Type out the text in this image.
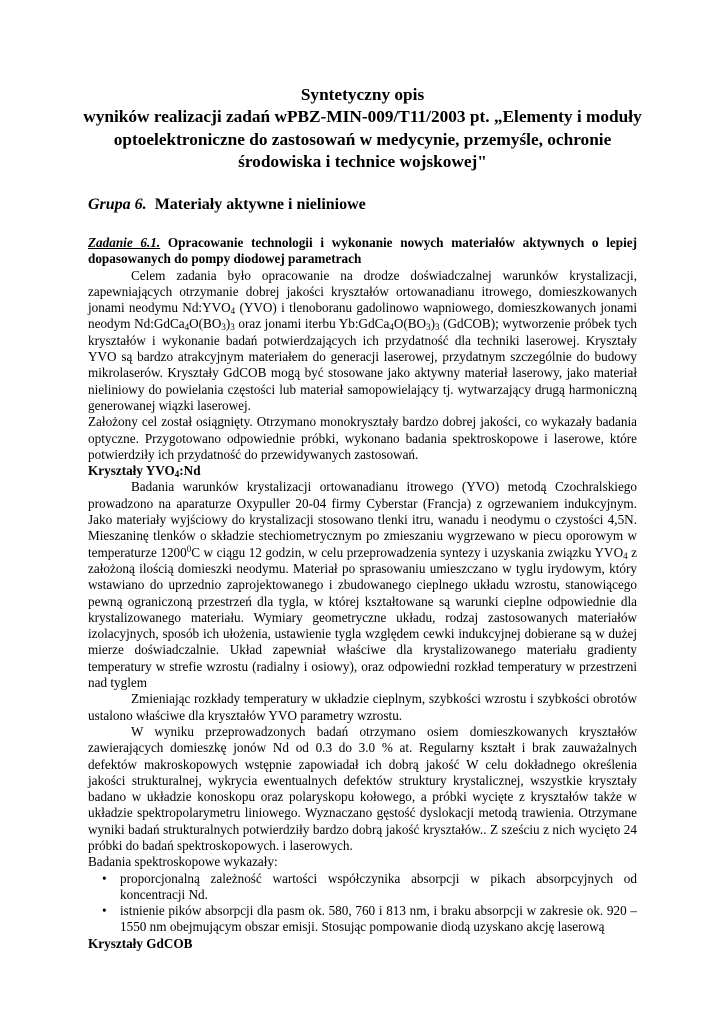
Syntetyczny opis
wyników realizacji zadań wPBZ-MIN-009/T11/2003 pt. „Elementy i moduły
optoelektroniczne do zastosowań w medycynie, przemyśle, ochronie
środowiska i technice wojskowej"
Grupa 6. Materiały aktywne i nieliniowe

Zadanie 6.1. Opracowanie technologii i wykonanie nowych materiałów aktywnych o lepiej dopasowanych do pompy diodowej parametrach

Celem zadania było opracowanie na drodze doświadczalnej warunków krystalizacji, zapewniających otrzymanie dobrej jakości kryształów ortowanadianu itrowego, domieszkowanych jonami neodymu $Nd:YVO_4$ (YVO) i tlenoboranu gadolinowo wapniowego, domieszkowanych jonami neodym $Nd:GdCa_4O(BO_3)_3$ oraz jonami iterbu $Yb:GdCa_4O(BO_3)_3$ (GdCOB); wytworzenie próbek tych kryształów i wykonanie badań potwierdzających ich przydatność dla techniki laserowej. Kryształy YVO są bardzo atrakcyjnym materiałem do generacji laserowej, przydatnym szczególnie do budowy mikrolaserów. Kryształy GdCOB mogą być stosowane jako aktywny materiał laserowy, jako materiał nieliniowy do powielania częstości lub materiał samopowielający tj. wytwarzający drugą harmoniczną generowanej wiązki laserowej.

Założony cel został osiągnięty. Otrzymano monokryształy bardzo dobrej jakości, co wykazały badania optyczne. Przygotowano odpowiednie próbki, wykonano badania spektroskopowe i laserowe, które potwierdziły ich przydatność do przewidywanych zastosowań.

Kryształy $YVO_4:Nd$

Badania warunków krystalizacji ortowanadianu itrowego (YVO) metodą Czochralskiego prowadzono na aparaturze Oxypuller 20-04 firmy Cyberstar (Francja) z ogrzewaniem indukcyjnym. Jako materiały wyjściowy do krystalizacji stosowano tlenki itru, wanadu i neodymu o czystości 4,5N. Mieszaninę tlenków o składzie stechiometrycznym po zmieszaniu wygrzewano w piecu oporowym w temperaturze 1200$^0$C w ciągu 12 godzin, w celu przeprowadzenia syntezy i uzyskania związku $YVO_4$ z założoną ilością domieszki neodymu. Materiał po sprasowaniu umieszczano w tyglu irydowym, który wstawiano do uprzednio zaprojektowanego i zbudowanego cieplnego układu wzrostu, stanowiącego pewną ograniczoną przestrzeń dla tygla, w której kształtowane są warunki cieplne odpowiednie dla krystalizowanego materiału. Wymiary geometryczne układu, rodzaj zastosowanych materiałów izolacyjnych, sposób ich ułożenia, ustawienie tygla względem cewki indukcyjnej dobierane są w dużej mierze doświadczalnie. Układ zapewniał właściwe dla krystalizowanego materiału gradienty temperatury w strefie wzrostu (radialny i osiowy), oraz odpowiedni rozkład temperatury w przestrzeni nad tyglem

Zmieniając rozkłady temperatury w układzie cieplnym, szybkości wzrostu i szybkości obrotów ustalono właściwe dla kryształów YVO parametry wzrostu.

W wyniku przeprowadzonych badań otrzymano osiem domieszkowanych kryształów zawierających domieszkę jonów Nd od 0.3 do 3.0 % at. Regularny kształt i brak zauważalnych defektów makroskopowych wstępnie zapowiadał ich dobrą jakość W celu dokładnego określenia jakości strukturalnej, wykrycia ewentualnych defektów struktury krystalicznej, wszystkie kryształy badano w układzie konoskopu oraz polaryskopu kołowego, a próbki wycięte z kryształów także w układzie spektropolarymetru liniowego. Wyznaczano gęstość dyslokacji metodą trawienia. Otrzymane wyniki badań strukturalnych potwierdziły bardzo dobrą jakość kryształów.. Z sześciu z nich wycięto 24 próbki do badań spektroskopowych. i laserowych.

Badania spektroskopowe wykazały:

• proporcjonalną zależność wartości współczynika absorpcji w pikach absorpcyjnych od koncentracji Nd.
• istnienie pików absorpcji dla pasm ok. 580, 760 i 813 nm, i braku absorpcji w zakresie ok. 920 – 1550 nm obejmującym obszar emisji. Stosując pompowanie diodą uzyskano akcję laserową

Kryształy GdCOB
